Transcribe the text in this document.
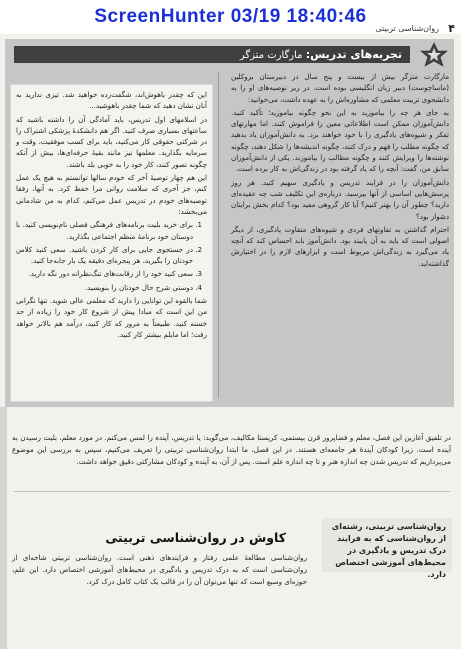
ScreenHunter 03/19 18:40:46
۴
روان‌شناسی تربیتی
تجربه‌های تدریس: مارگارت متزگر

مارگارت متزگر بیش از بیست و پنج سال در دبیرستان بروکلین (ماساچوست) دبیر زبان انگلیسی بوده است. در زیر توصیه‌های او را به دانشجوی تربیت معلمی که مشاوره‌اش را به عهده داشت، می‌خوانید:

به جای هر چه را بیاموزید به این نحو چگونه بیاموزید؛ تأکید کنید. دانش‌آموزان ممکن است اطلاعاتی معین را فراموش کنند. اما مهارتهای تفکر و شیوه‌های یادگیری را با خود خواهند برد. به دانش‌آموزان یاد بدهید که چگونه مطلب را فهم و درک کنند، چگونه اندیشه‌ها را شکل دهند، چگونه نوشته‌ها را ویرایش کنند و چگونه مطالب را بیاموزند. یکی از دانش‌آموزان سابق من، گفت: آنچه را که یاد گرفته بود در زندگی‌اش به کار برده است.

دانش‌آموزان را در فرایند تدریس و یادگیری سهیم کنید. هر روز پرسش‌هایی اساسی از آنها بپرسید. درباره‌ی این تکلیف شب چه عقیده‌ای دارید؟ چطور آن را بهتر کنیم؟ آیا کار گروهی مفید بود؟ کدام بخش برایتان دشوار بود؟

احترام گذاشتن به تفاوتهای فردی و شیوه‌های متفاوت یادگیری، از دیگر اصولی است که باید به آن پایبند بود. دانش‌آموز باید احساس کند که آنچه یاد می‌گیرد به زندگی‌اش مربوط است و ابزارهای لازم را در اختیارش گذاشته‌اید.

این که چقدر باهوش‌اند، شگفت‌زده خواهید شد. تیزی ندارید به آنان نشان دهید که شما چقدر باهوشید...

در اسلامهای اول تدریس، باید آمادگی آن را داشته باشید که ساعتهای بسیاری صرف کنید. اگر هم دانشکدۀ پزشکی اشتراک را در شرکتی حقوقی کار می‌کنید، باید برای کسب موفقیت، وقت و سرمایه بگذارید. معلمها نیز مانند بقیۀ حرفه‌ای‌ها، بیش از آنکه چگونه تصور کنند، کار خود را به خوبی بلد باشند.

این هم چهار توصیۀ آخر که خودم سالها توانستم به هیچ یک عمل کنم، جز آخری که سلامت روانی مرا حفظ کرد. به آنها، رفقا توصیه‌های خودم در تدریس عمل می‌کنم، کدام به من شادمانی می‌بخشد:

1. برای خرید بلیت برنامه‌های فرهنگی فصلی نام‌نویسی کنید. با دوستان خود برنامۀ منظم اجتماعی بگذارید.
2. در جستجوی جایی برای کار کردن باشید. سعی کنید کلاس خودتان را بگیرید، هر پنجره‌ای دقیقه یک بار جابه‌جا کنید.
3. سعی کنید خود را از رقابت‌های تنگ‌نظرانه دور نگه دارید.
4. دوستی شرح حال خودتان را بنویسید.

شما بالقوه این توانایی را دارید که معلمی عالی شوید. تنها نگرانی من این است که مبادا پیش از شروع کار خود را زیاده از حد خسته کنید. طبیعتاً به مرور که کار کنید، درآمد هم بالاتر خواهد رفت؛ اما مایلم بیشتر کار کنید.

در تلفیق آغازین این فصل، معلم و فضاپرور قرن بیستمی، کریستا مکالیف، می‌گوید: یا تدریس، آینده را لمس می‌کنم. در مورد معلم، بلیت رسیدن به آینده است. زیرا کودکان آیندۀ هر جامعه‌ای هستند. در این فصل، ما ابتدا روان‌شناسی تربیتی را تعریف می‌کنیم، سپس به بررسی این موضوع می‌پردازیم که تدریس شدن چه اندازه هنر و تا چه اندازه علم است. پس از آن، به آینده و کودکان مشارکتی دقیق خواهد داشت.
روان‌شناسی تربیتی، رشته‌ای از روان‌شناسی که به فرایند درک تدریس و یادگیری در محیط‌های آموزشی اختصاص دارد.
کاوش در روان‌شناسی تربیتی
روان‌شناسی مطالعۀ علمی رفتار و فرایندهای ذهنی است. روان‌شناسی تربیتی شاخه‌ای از روان‌شناسی است که به درک تدریس و یادگیری در محیط‌های آموزشی اختصاص دارد. این علم، حوزه‌ای وسیع است که تنها می‌توان آن را در قالب یک کتاب کامل درک کرد.
